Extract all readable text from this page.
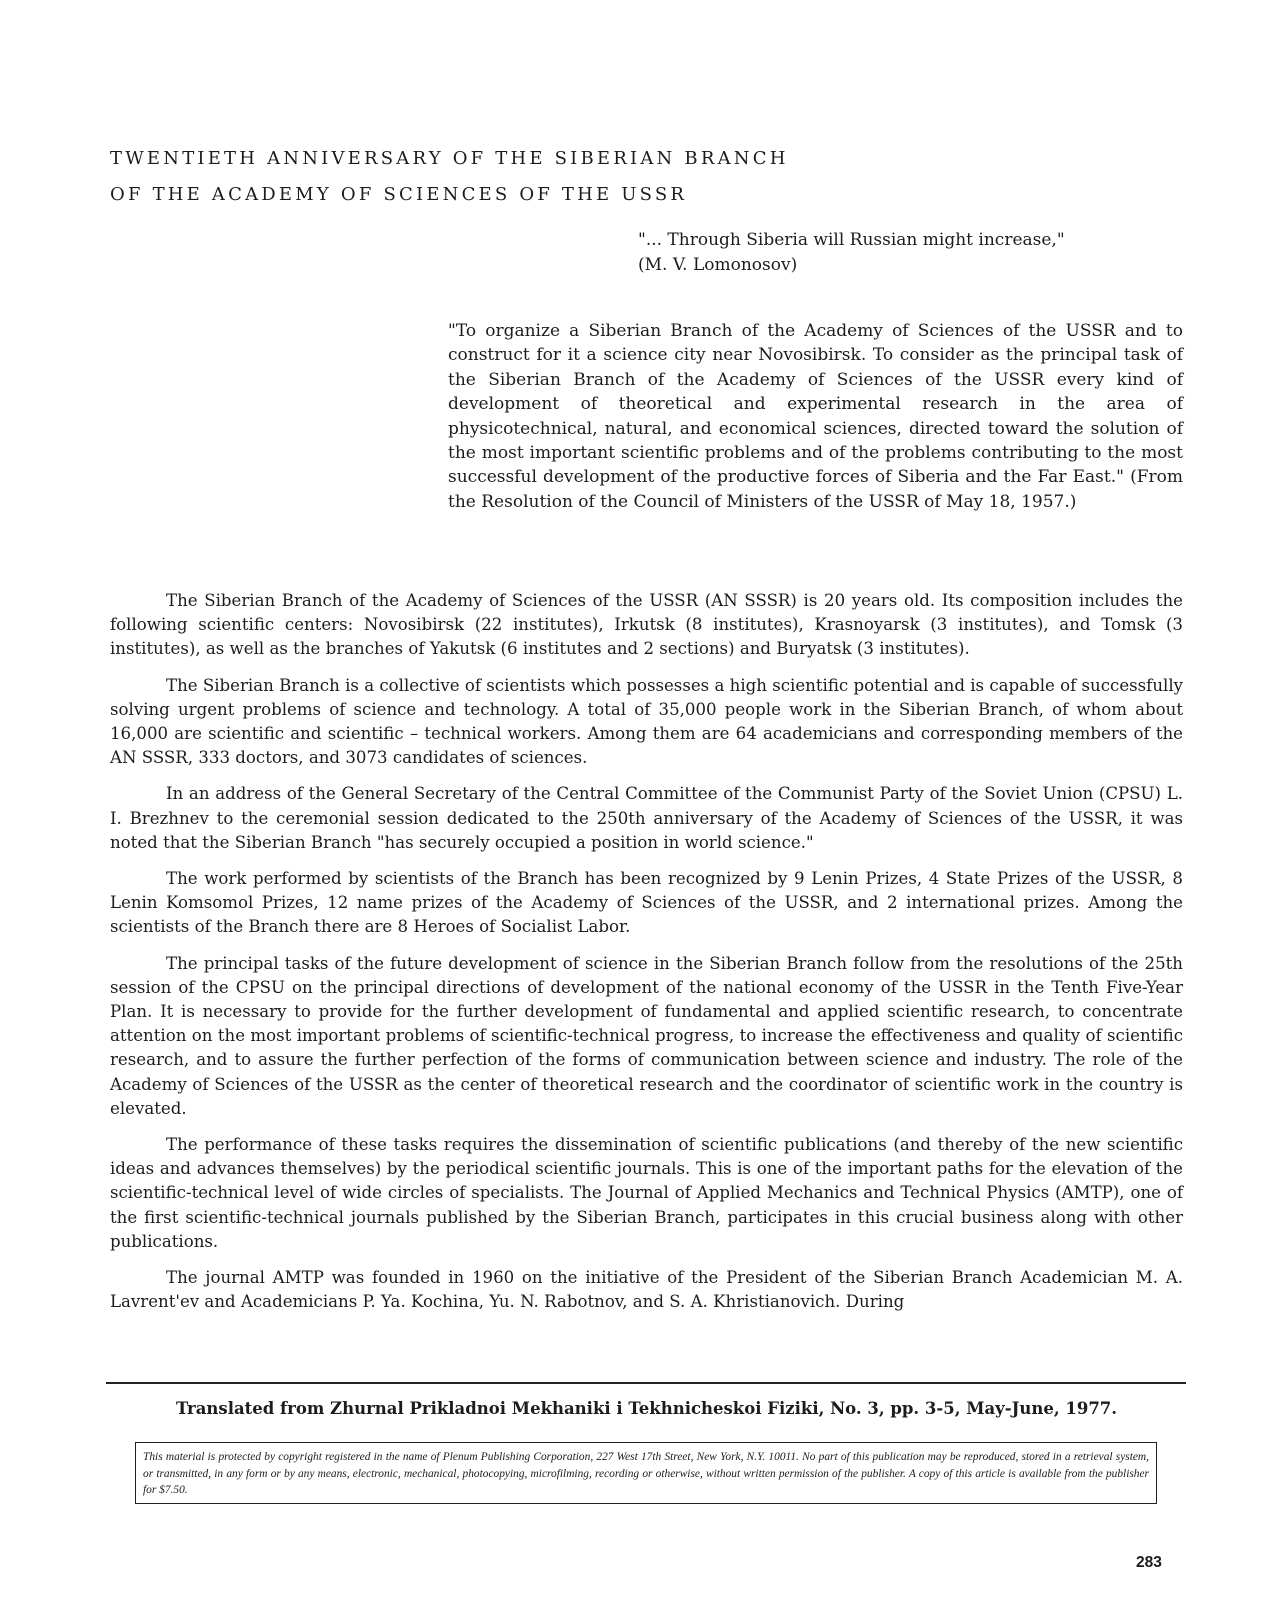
TWENTIETH ANNIVERSARY OF THE SIBERIAN BRANCH
OF THE ACADEMY OF SCIENCES OF THE USSR
"... Through Siberia will Russian might increase,"
(M. V. Lomonosov)
"To organize a Siberian Branch of the Academy of Sciences of the USSR and to construct for it a science city near Novosibirsk. To consider as the principal task of the Siberian Branch of the Academy of Sciences of the USSR every kind of development of theoretical and experimental research in the area of physicotechnical, natural, and economical sciences, directed toward the solution of the most important scientific problems and of the problems contributing to the most successful development of the productive forces of Siberia and the Far East." (From the Resolution of the Council of Ministers of the USSR of May 18, 1957.)

The Siberian Branch of the Academy of Sciences of the USSR (AN SSSR) is 20 years old. Its composition includes the following scientific centers: Novosibirsk (22 institutes), Irkutsk (8 institutes), Krasnoyarsk (3 institutes), and Tomsk (3 institutes), as well as the branches of Yakutsk (6 institutes and 2 sections) and Buryatsk (3 institutes).

The Siberian Branch is a collective of scientists which possesses a high scientific potential and is capable of successfully solving urgent problems of science and technology. A total of 35,000 people work in the Siberian Branch, of whom about 16,000 are scientific and scientific – technical workers. Among them are 64 academicians and corresponding members of the AN SSSR, 333 doctors, and 3073 candidates of sciences.

In an address of the General Secretary of the Central Committee of the Communist Party of the Soviet Union (CPSU) L. I. Brezhnev to the ceremonial session dedicated to the 250th anniversary of the Academy of Sciences of the USSR, it was noted that the Siberian Branch "has securely occupied a position in world science."

The work performed by scientists of the Branch has been recognized by 9 Lenin Prizes, 4 State Prizes of the USSR, 8 Lenin Komsomol Prizes, 12 name prizes of the Academy of Sciences of the USSR, and 2 international prizes. Among the scientists of the Branch there are 8 Heroes of Socialist Labor.

The principal tasks of the future development of science in the Siberian Branch follow from the resolutions of the 25th session of the CPSU on the principal directions of development of the national economy of the USSR in the Tenth Five-Year Plan. It is necessary to provide for the further development of fundamental and applied scientific research, to concentrate attention on the most important problems of scientific-technical progress, to increase the effectiveness and quality of scientific research, and to assure the further perfection of the forms of communication between science and industry. The role of the Academy of Sciences of the USSR as the center of theoretical research and the coordinator of scientific work in the country is elevated.

The performance of these tasks requires the dissemination of scientific publications (and thereby of the new scientific ideas and advances themselves) by the periodical scientific journals. This is one of the important paths for the elevation of the scientific-technical level of wide circles of specialists. The Journal of Applied Mechanics and Technical Physics (AMTP), one of the first scientific-technical journals published by the Siberian Branch, participates in this crucial business along with other publications.

The journal AMTP was founded in 1960 on the initiative of the President of the Siberian Branch Academician M. A. Lavrent'ev and Academicians P. Ya. Kochina, Yu. N. Rabotnov, and S. A. Khristianovich. During

Translated from Zhurnal Prikladnoi Mekhaniki i Tekhnicheskoi Fiziki, No. 3, pp. 3-5, May-June, 1977.
This material is protected by copyright registered in the name of Plenum Publishing Corporation, 227 West 17th Street, New York, N.Y. 10011. No part of this publication may be reproduced, stored in a retrieval system, or transmitted, in any form or by any means, electronic, mechanical, photocopying, microfilming, recording or otherwise, without written permission of the publisher. A copy of this article is available from the publisher for $7.50.
283
